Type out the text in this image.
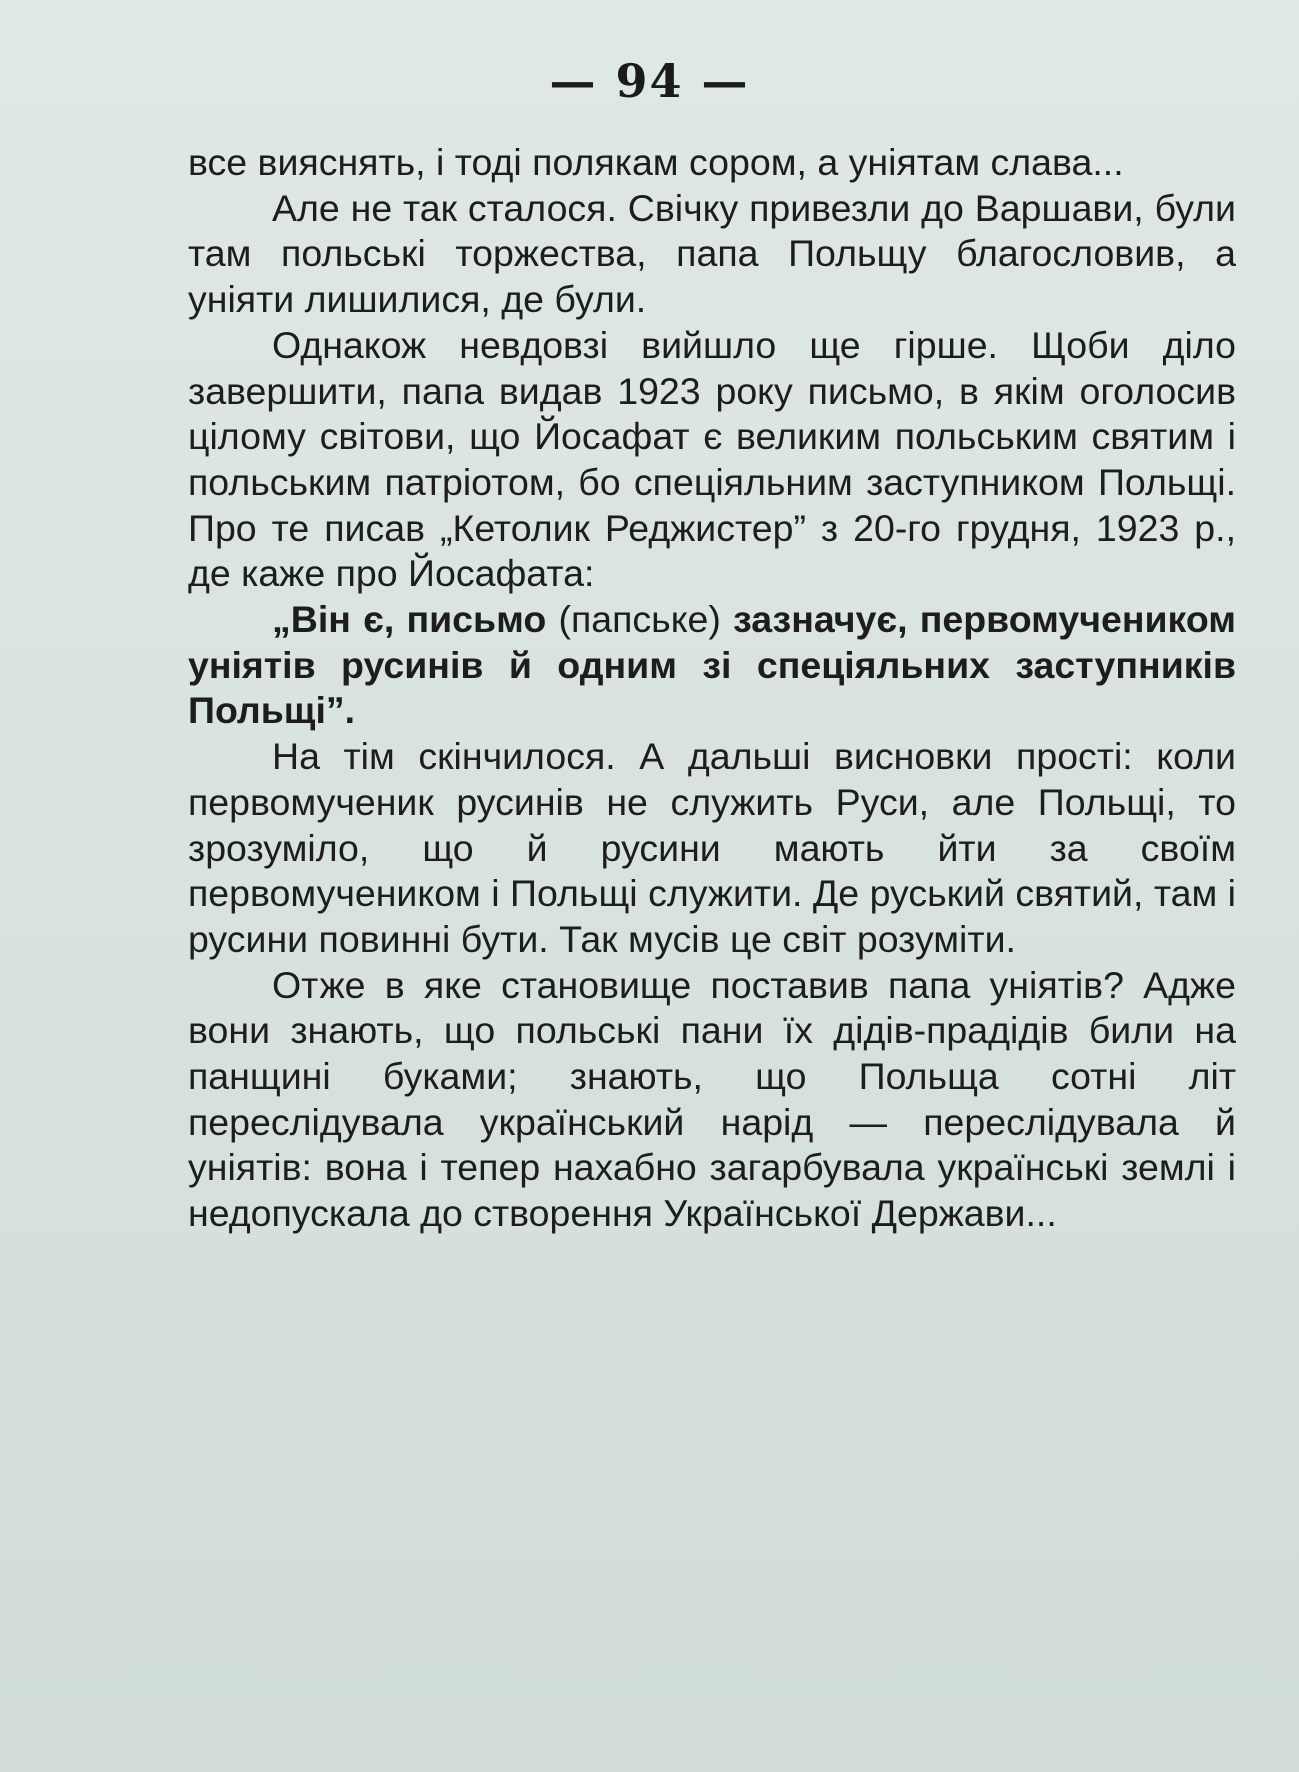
— 94 —

все вияснять, і тоді полякам сором, а уніятам слава...

Але не так сталося. Свічку привезли до Варшави, були там польські торжества, папа Польщу благословив, а уніяти лишилися, де були.

Однакож невдовзі вийшло ще гірше. Щоби діло завершити, папа видав 1923 року письмо, в якім оголосив цілому світови, що Йосафат є великим польським святим і польським патріотом, бо спеціяльним заступником Польщі. Про те писав „Кетолик Реджистер” з 20-го грудня, 1923 р., де каже про Йосафата:

„Він є, письмо (папське) зазначує, первомучеником уніятів русинів й одним зі спеціяльних заступників Польщі”.

На тім скінчилося. А дальші висновки прості: коли первомученик русинів не служить Руси, але Польщі, то зрозуміло, що й русини мають йти за своїм первомучеником і Польщі служити. Де руський святий, там і русини повинні бути. Так мусів це світ розуміти.

Отже в яке становище поставив папа уніятів? Адже вони знають, що польські пани їх дідів-прадідів били на панщині буками; знають, що Польща сотні літ переслідувала український нарід — переслідувала й уніятів: вона і тепер нахабно загарбувала українські землі і недопускала до створення Української Держави...
